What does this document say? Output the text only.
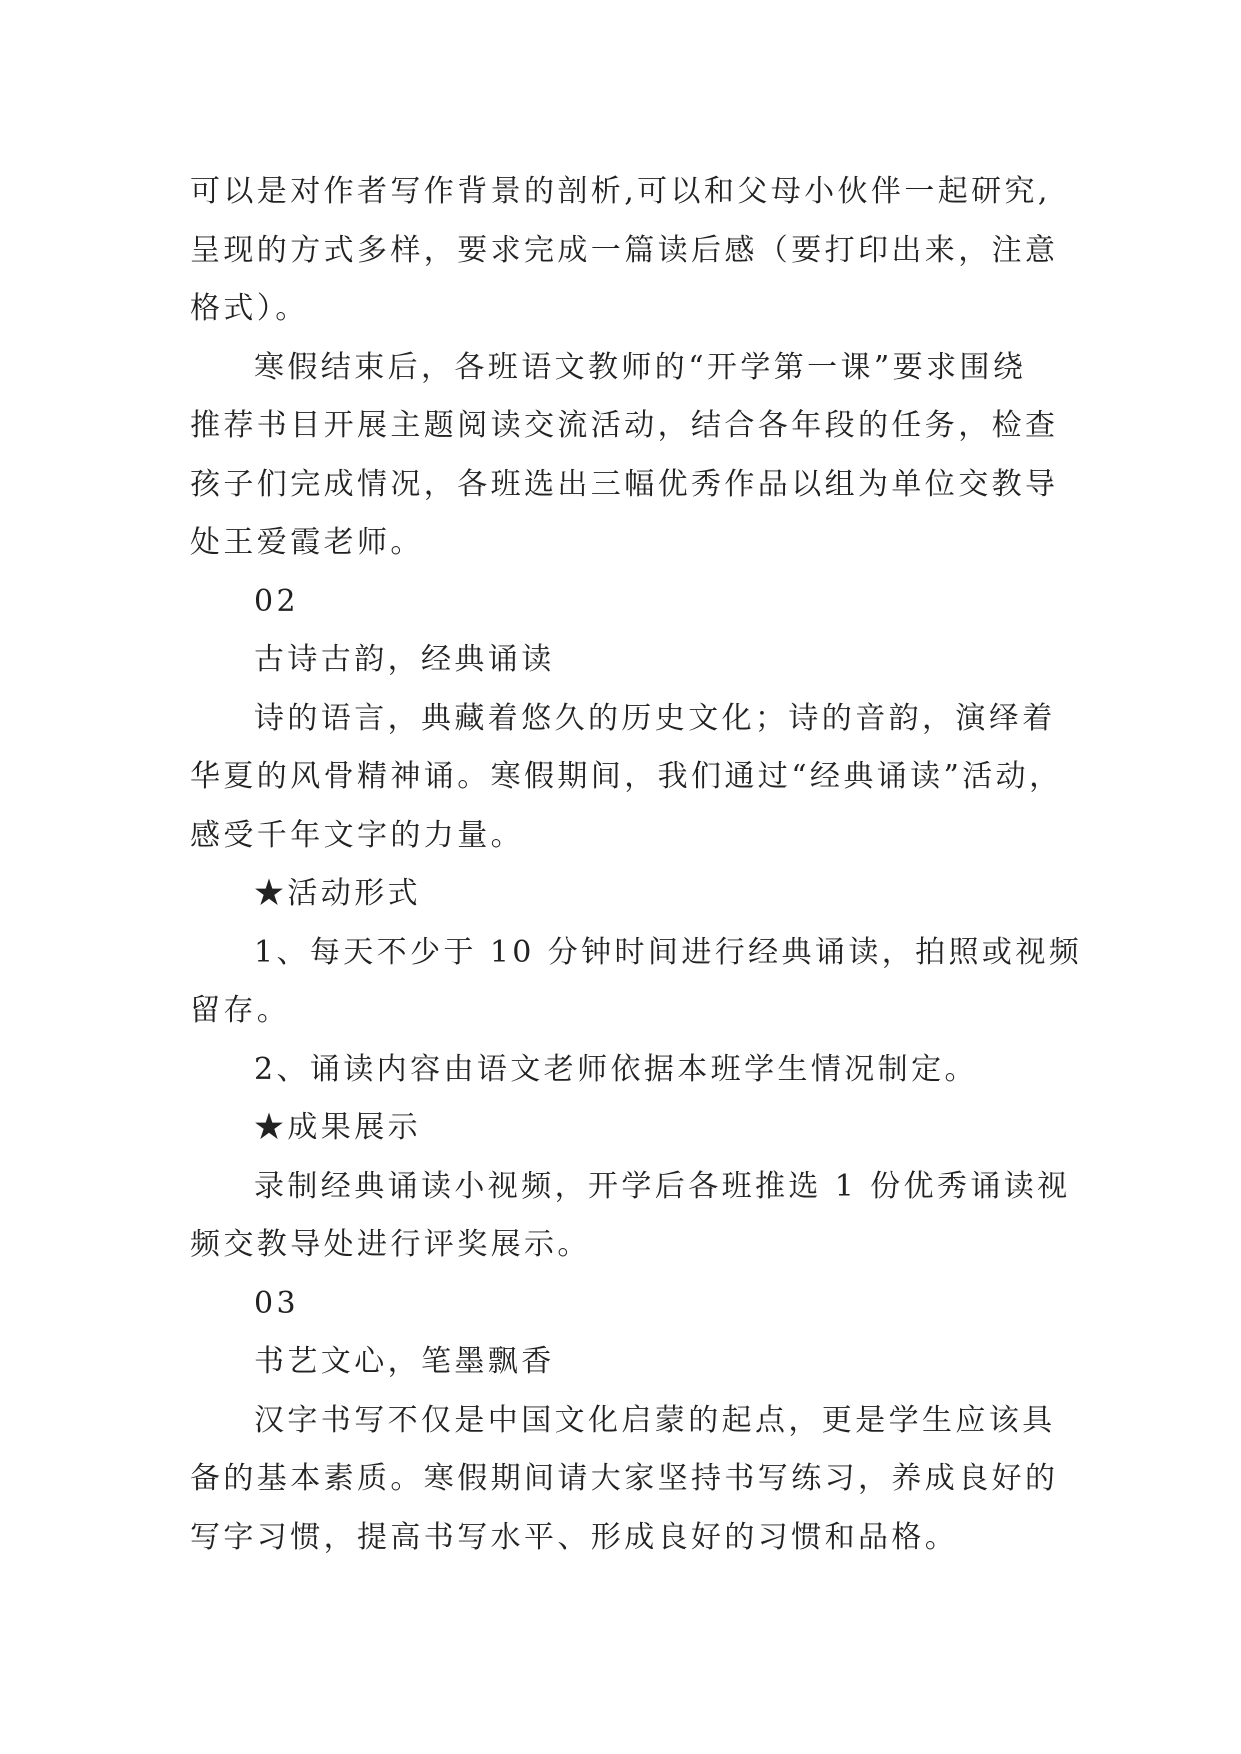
可以是对作者写作背景的剖析,可以和父母小伙伴一起研究,
呈现的方式多样，要求完成一篇读后感（要打印出来，注意
格式）。
寒假结束后，各班语文教师的“开学第一课”要求围绕
推荐书目开展主题阅读交流活动，结合各年段的任务，检查
孩子们完成情况，各班选出三幅优秀作品以组为单位交教导
处王爱霞老师。
02
古诗古韵，经典诵读
诗的语言，典藏着悠久的历史文化；诗的音韵，演绎着
华夏的风骨精神诵。寒假期间，我们通过“经典诵读”活动，
感受千年文字的力量。
★活动形式
1、每天不少于 10 分钟时间进行经典诵读，拍照或视频
留存。
2、诵读内容由语文老师依据本班学生情况制定。
★成果展示
录制经典诵读小视频，开学后各班推选 1 份优秀诵读视
频交教导处进行评奖展示。
03
书艺文心，笔墨飘香
汉字书写不仅是中国文化启蒙的起点，更是学生应该具
备的基本素质。寒假期间请大家坚持书写练习，养成良好的
写字习惯，提高书写水平、形成良好的习惯和品格。
